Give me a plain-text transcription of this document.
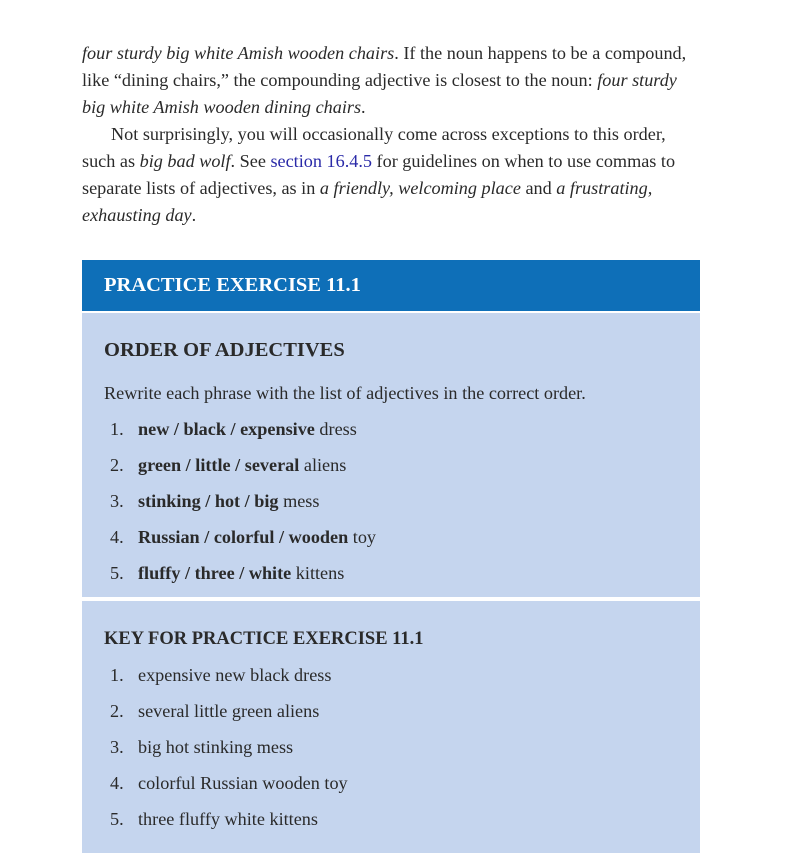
four sturdy big white Amish wooden chairs. If the noun happens to be a compound, like “dining chairs,” the compounding adjective is closest to the noun: four sturdy big white Amish wooden dining chairs.

Not surprisingly, you will occasionally come across exceptions to this order, such as big bad wolf. See section 16.4.5 for guidelines on when to use commas to separate lists of adjectives, as in a friendly, welcoming place and a frustrating, exhausting day.

PRACTICE EXERCISE 11.1
ORDER OF ADJECTIVES

Rewrite each phrase with the list of adjectives in the correct order.

1. new / black / expensive dress
2. green / little / several aliens
3. stinking / hot / big mess
4. Russian / colorful / wooden toy
5. fluffy / three / white kittens
KEY FOR PRACTICE EXERCISE 11.1
1. expensive new black dress
2. several little green aliens
3. big hot stinking mess
4. colorful Russian wooden toy
5. three fluffy white kittens
